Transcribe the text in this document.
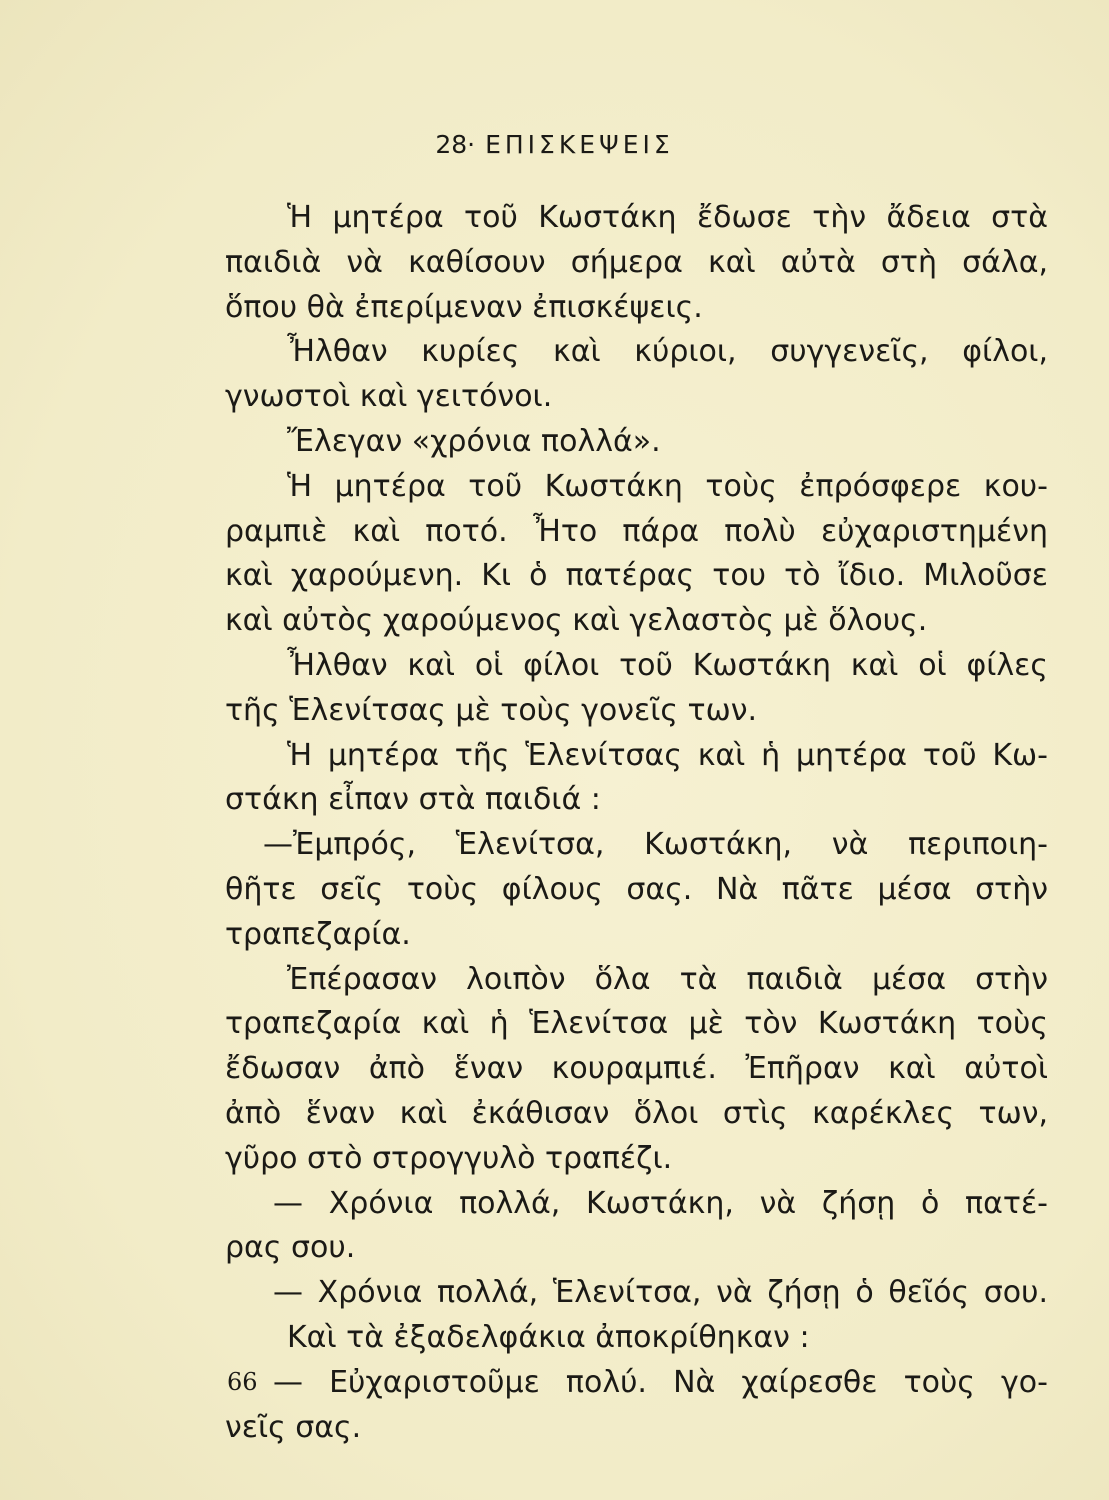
28· ΕΠΙΣΚΕΨΕΙΣ
Ἡ μητέρα τοῦ Κωστάκη ἔδωσε τὴν ἄδεια στὰ
παιδιὰ νὰ καθίσουν σήμερα καὶ αὐτὰ στὴ σάλα,
ὅπου θὰ ἐπερίμεναν ἐπισκέψεις.
Ἦλθαν κυρίες καὶ κύριοι, συγγενεῖς, φίλοι,
γνωστοὶ καὶ γειτόνοι.
Ἔλεγαν «χρόνια πολλά».
Ἡ μητέρα τοῦ Κωστάκη τοὺς ἐπρόσφερε κου-
ραμπιὲ καὶ ποτό. Ἦτο πάρα πολὺ εὐχαριστημένη
καὶ χαρούμενη. Κι ὁ πατέρας του τὸ ἴδιο. Μιλοῦσε
καὶ αὐτὸς χαρούμενος καὶ γελαστὸς μὲ ὅλους.
Ἦλθαν καὶ οἱ φίλοι τοῦ Κωστάκη καὶ οἱ φίλες
τῆς Ἑλενίτσας μὲ τοὺς γονεῖς των.
Ἡ μητέρα τῆς Ἑλενίτσας καὶ ἡ μητέρα τοῦ Κω-
στάκη εἶπαν στὰ παιδιά :
—Ἐμπρός, Ἑλενίτσα, Κωστάκη, νὰ περιποιη-
θῆτε σεῖς τοὺς φίλους σας. Νὰ πᾶτε μέσα στὴν
τραπεζαρία.
Ἐπέρασαν λοιπὸν ὅλα τὰ παιδιὰ μέσα στὴν
τραπεζαρία καὶ ἡ Ἑλενίτσα μὲ τὸν Κωστάκη τοὺς
ἔδωσαν ἀπὸ ἕναν κουραμπιέ. Ἐπῆραν καὶ αὐτοὶ
ἀπὸ ἕναν καὶ ἐκάθισαν ὅλοι στὶς καρέκλες των,
γῦρο στὸ στρογγυλὸ τραπέζι.
— Χρόνια πολλά, Κωστάκη, νὰ ζήσῃ ὁ πατέ-
ρας σου.
— Χρόνια πολλά, Ἑλενίτσα, νὰ ζήσῃ ὁ θεῖός σου.
Καὶ τὰ ἐξαδελφάκια ἀποκρίθηκαν :
— Εὐχαριστοῦμε πολύ. Νὰ χαίρεσθε τοὺς γο-
νεῖς σας.
66
